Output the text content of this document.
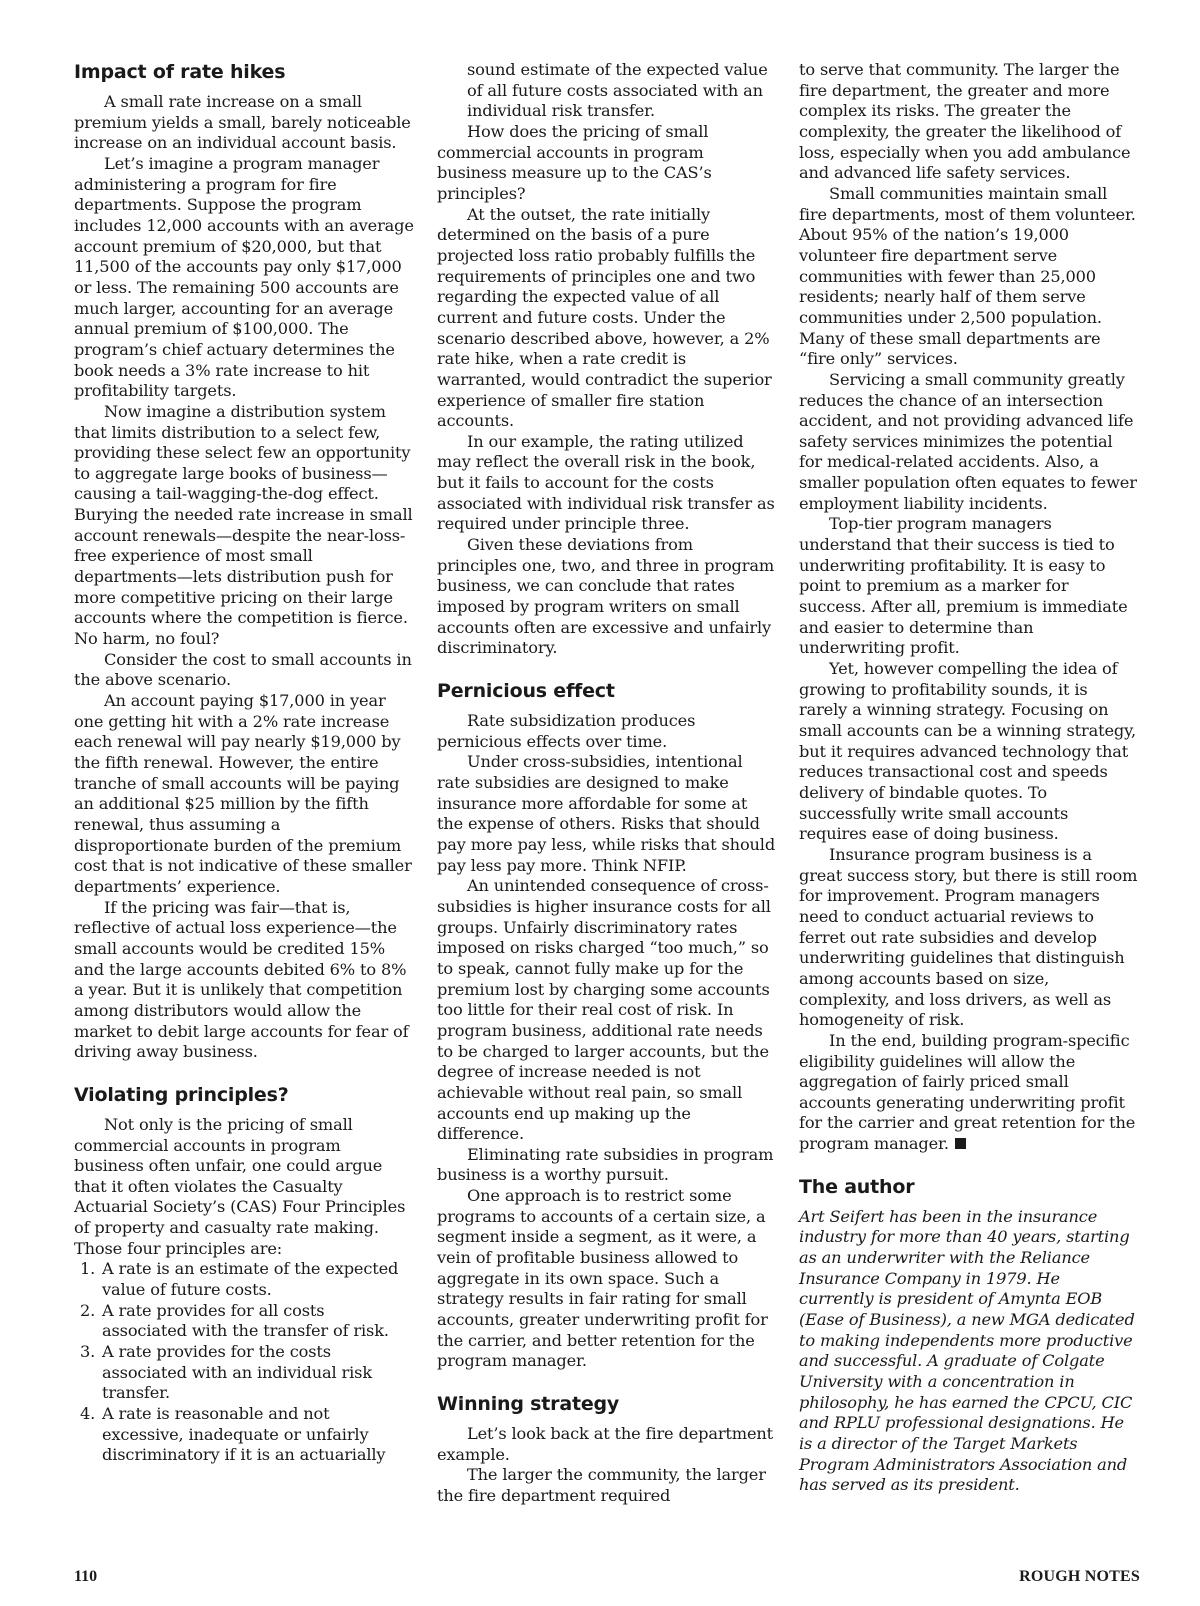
Impact of rate hikes

A small rate increase on a small premium yields a small, barely noticeable increase on an individual account basis.

Let’s imagine a program manager administering a program for fire departments. Suppose the program includes 12,000 accounts with an average account premium of $20,000, but that 11,500 of the accounts pay only $17,000 or less. The remaining 500 accounts are much larger, accounting for an average annual premium of $100,000. The program’s chief actuary determines the book needs a 3% rate increase to hit profitability targets.

Now imagine a distribution system that limits distribution to a select few, providing these select few an opportunity to aggregate large books of business—causing a tail-wagging-the-dog effect. Burying the needed rate increase in small account renewals—despite the near-loss-free experience of most small departments—lets distribution push for more competitive pricing on their large accounts where the competition is fierce. No harm, no foul?

Consider the cost to small accounts in the above scenario.

An account paying $17,000 in year one getting hit with a 2% rate increase each renewal will pay nearly $19,000 by the fifth renewal. However, the entire tranche of small accounts will be paying an additional $25 million by the fifth renewal, thus assuming a disproportionate burden of the premium cost that is not indicative of these smaller departments’ experience.

If the pricing was fair—that is, reflective of actual loss experience—the small accounts would be credited 15% and the large accounts debited 6% to 8% a year. But it is unlikely that competition among distributors would allow the market to debit large accounts for fear of driving away business.

Violating principles?

Not only is the pricing of small commercial accounts in program business often unfair, one could argue that it often violates the Casualty Actuarial Society’s (CAS) Four Principles of property and casualty rate making. Those four principles are:

1. A rate is an estimate of the expected value of future costs.
2. A rate provides for all costs associated with the transfer of risk.
3. A rate provides for the costs associated with an individual risk transfer.
4. A rate is reasonable and not excessive, inadequate or unfairly discriminatory if it is an actuarially

sound estimate of the expected value of all future costs associated with an individual risk transfer.

How does the pricing of small commercial accounts in program business measure up to the CAS’s principles?

At the outset, the rate initially determined on the basis of a pure projected loss ratio probably fulfills the requirements of principles one and two regarding the expected value of all current and future costs. Under the scenario described above, however, a 2% rate hike, when a rate credit is warranted, would contradict the superior experience of smaller fire station accounts.

In our example, the rating utilized may reflect the overall risk in the book, but it fails to account for the costs associated with individual risk transfer as required under principle three.

Given these deviations from principles one, two, and three in program business, we can conclude that rates imposed by program writers on small accounts often are excessive and unfairly discriminatory.

Pernicious effect

Rate subsidization produces pernicious effects over time.

Under cross-subsidies, intentional rate subsidies are designed to make insurance more affordable for some at the expense of others. Risks that should pay more pay less, while risks that should pay less pay more. Think NFIP.

An unintended consequence of cross-subsidies is higher insurance costs for all groups. Unfairly discriminatory rates imposed on risks charged “too much,” so to speak, cannot fully make up for the premium lost by charging some accounts too little for their real cost of risk. In program business, additional rate needs to be charged to larger accounts, but the degree of increase needed is not achievable without real pain, so small accounts end up making up the difference.

Eliminating rate subsidies in program business is a worthy pursuit.

One approach is to restrict some programs to accounts of a certain size, a segment inside a segment, as it were, a vein of profitable business allowed to aggregate in its own space. Such a strategy results in fair rating for small accounts, greater underwriting profit for the carrier, and better retention for the program manager.

Winning strategy

Let’s look back at the fire department example.

The larger the community, the larger the fire department required

to serve that community. The larger the fire department, the greater and more complex its risks. The greater the complexity, the greater the likelihood of loss, especially when you add ambulance and advanced life safety services.

Small communities maintain small fire departments, most of them volunteer. About 95% of the nation’s 19,000 volunteer fire department serve communities with fewer than 25,000 residents; nearly half of them serve communities under 2,500 population. Many of these small departments are “fire only” services.

Servicing a small community greatly reduces the chance of an intersection accident, and not providing advanced life safety services minimizes the potential for medical-related accidents. Also, a smaller population often equates to fewer employment liability incidents.

Top-tier program managers understand that their success is tied to underwriting profitability. It is easy to point to premium as a marker for success. After all, premium is immediate and easier to determine than underwriting profit.

Yet, however compelling the idea of growing to profitability sounds, it is rarely a winning strategy. Focusing on small accounts can be a winning strategy, but it requires advanced technology that reduces transactional cost and speeds delivery of bindable quotes. To successfully write small accounts requires ease of doing business.

Insurance program business is a great success story, but there is still room for improvement. Program managers need to conduct actuarial reviews to ferret out rate subsidies and develop underwriting guidelines that distinguish among accounts based on size, complexity, and loss drivers, as well as homogeneity of risk.

In the end, building program-specific eligibility guidelines will allow the aggregation of fairly priced small accounts generating underwriting profit for the carrier and great retention for the program manager.

The author

Art Seifert has been in the insurance industry for more than 40 years, starting as an underwriter with the Reliance Insurance Company in 1979. He currently is president of Amynta EOB (Ease of Business), a new MGA dedicated to making independents more productive and successful. A graduate of Colgate University with a concentration in philosophy, he has earned the CPCU, CIC and RPLU professional designations. He is a director of the Target Markets Program Administrators Association and has served as its president.

110	ROUGH NOTES
